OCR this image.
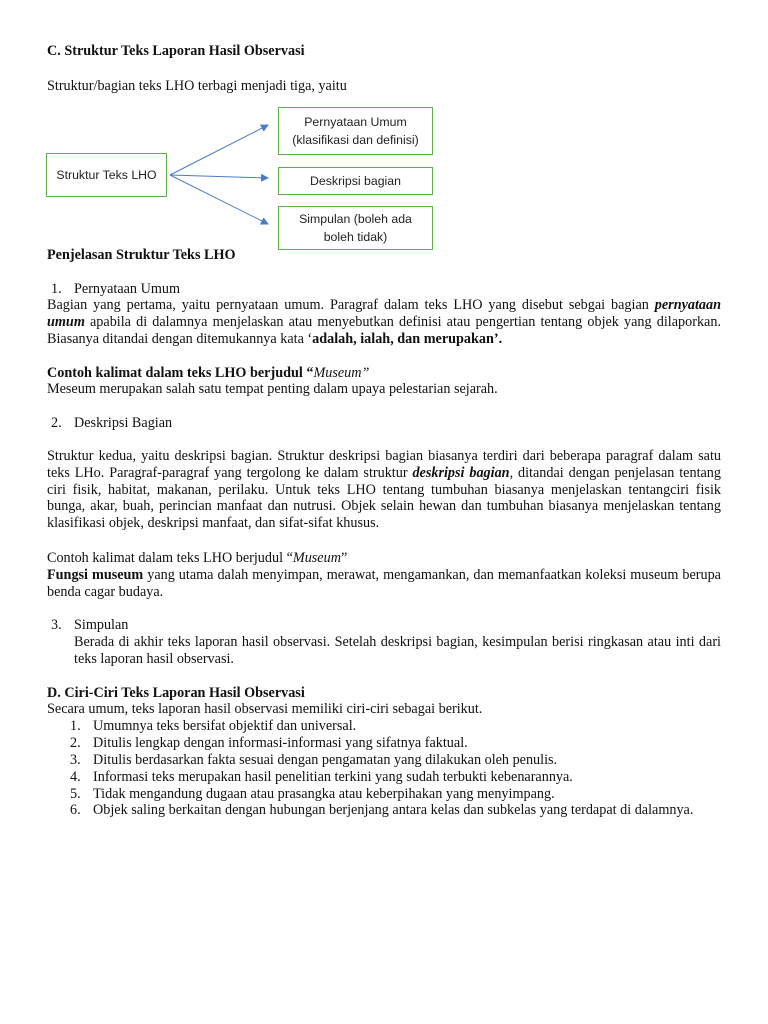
C. Struktur Teks Laporan Hasil Observasi

Struktur/bagian teks LHO terbagi menjadi tiga, yaitu

Struktur Teks LHO
Pernyataan Umum
(klasifikasi dan definisi)
Deskripsi bagian
Simpulan (boleh ada
boleh tidak)

Penjelasan Struktur Teks LHO

1. Pernyataan Umum

Bagian yang pertama, yaitu pernyataan umum. Paragraf dalam teks LHO yang disebut sebgai bagian pernyataan umum apabila di dalamnya menjelaskan atau menyebutkan definisi atau pengertian tentang objek yang dilaporkan. Biasanya ditandai dengan ditemukannya kata ‘adalah, ialah, dan merupakan’.

Contoh kalimat dalam teks LHO berjudul “Museum”

Meseum merupakan salah satu tempat penting dalam upaya pelestarian sejarah.

2. Deskripsi Bagian

Struktur kedua, yaitu deskripsi bagian. Struktur deskripsi bagian biasanya terdiri dari beberapa paragraf dalam satu teks LHo. Paragraf-paragraf yang tergolong ke dalam struktur deskripsi bagian, ditandai dengan penjelasan tentang ciri fisik, habitat, makanan, perilaku. Untuk teks LHO tentang tumbuhan biasanya menjelaskan tentangciri fisik bunga, akar, buah, perincian manfaat dan nutrusi. Objek selain hewan dan tumbuhan biasanya menjelaskan tentang klasifikasi objek, deskripsi manfaat, dan sifat-sifat khusus.

Contoh kalimat dalam teks LHO berjudul “Museum”

Fungsi museum yang utama dalah menyimpan, merawat, mengamankan, dan memanfaatkan koleksi museum berupa benda cagar budaya.

3. Simpulan

Berada di akhir teks laporan hasil observasi. Setelah deskripsi bagian, kesimpulan berisi ringkasan atau inti dari teks laporan hasil observasi.

D. Ciri-Ciri Teks Laporan Hasil Observasi

Secara umum, teks laporan hasil observasi memiliki ciri-ciri sebagai berikut.

1. Umumnya teks bersifat objektif dan universal.

2. Ditulis lengkap dengan informasi-informasi yang sifatnya faktual.

3. Ditulis berdasarkan fakta sesuai dengan pengamatan yang dilakukan oleh penulis.

4. Informasi teks merupakan hasil penelitian terkini yang sudah terbukti kebenarannya.

5. Tidak mengandung dugaan atau prasangka atau keberpihakan yang menyimpang.

6. Objek saling berkaitan dengan hubungan berjenjang antara kelas dan subkelas yang terdapat di dalamnya.
